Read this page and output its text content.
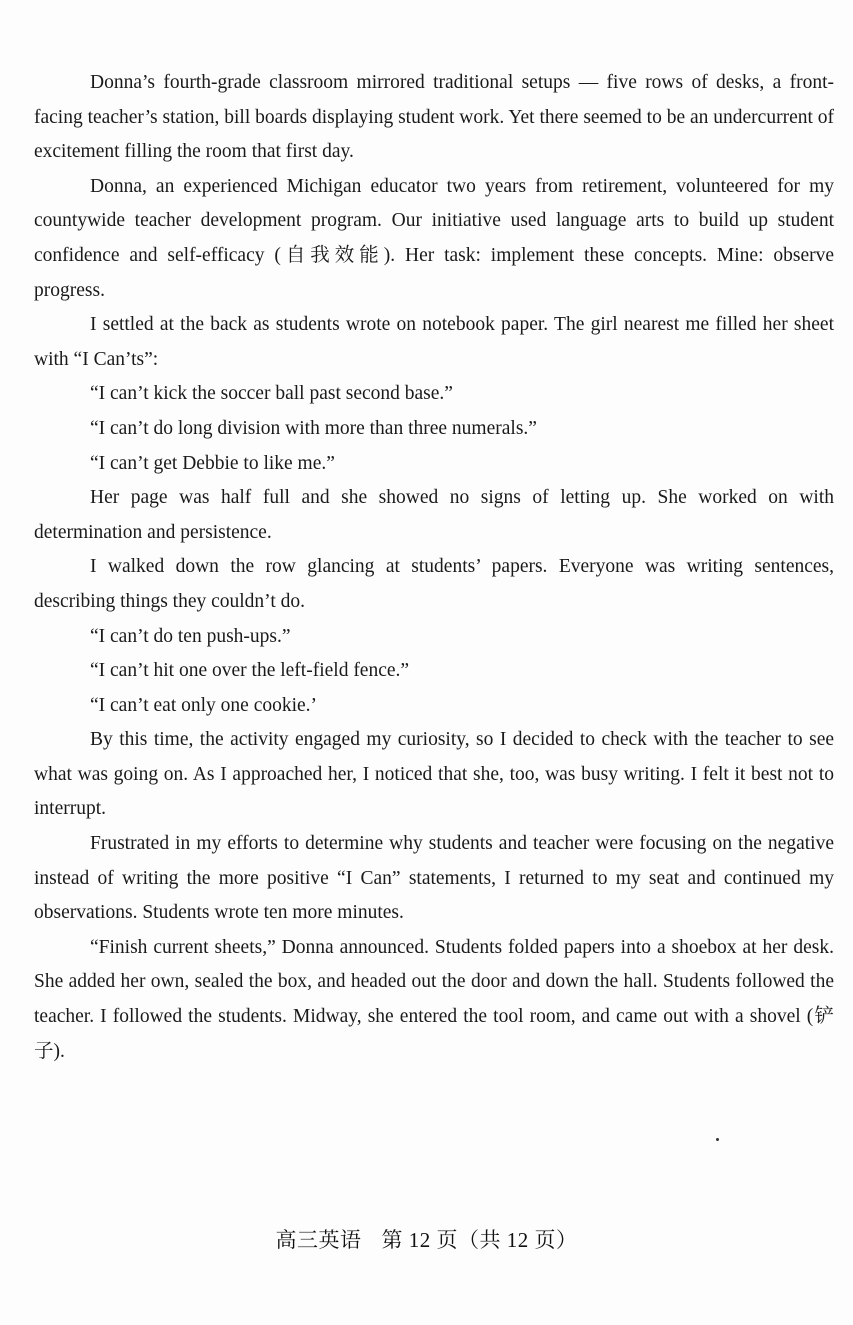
Donna’s fourth-grade classroom mirrored traditional setups — five rows of desks, a front-facing teacher’s station, bill boards displaying student work. Yet there seemed to be an undercurrent of excitement filling the room that first day.

Donna, an experienced Michigan educator two years from retirement, volunteered for my countywide teacher development program. Our initiative used language arts to build up student confidence and self-efficacy (自我效能). Her task: implement these concepts. Mine: observe progress.

I settled at the back as students wrote on notebook paper. The girl nearest me filled her sheet with “I Can’ts”:

“I can’t kick the soccer ball past second base.”

“I can’t do long division with more than three numerals.”

“I can’t get Debbie to like me.”

Her page was half full and she showed no signs of letting up. She worked on with determination and persistence.

I walked down the row glancing at students’ papers. Everyone was writing sentences, describing things they couldn’t do.

“I can’t do ten push-ups.”

“I can’t hit one over the left-field fence.”

“I can’t eat only one cookie.’

By this time, the activity engaged my curiosity, so I decided to check with the teacher to see what was going on. As I approached her, I noticed that she, too, was busy writing. I felt it best not to interrupt.

Frustrated in my efforts to determine why students and teacher were focusing on the negative instead of writing the more positive “I Can” statements, I returned to my seat and continued my observations. Students wrote ten more minutes.

“Finish current sheets,” Donna announced. Students folded papers into a shoebox at her desk. She added her own, sealed the box, and headed out the door and down the hall. Students followed the teacher. I followed the students. Midway, she entered the tool room, and came out with a shovel (铲子).

高三英语 第 12 页（共 12 页）
